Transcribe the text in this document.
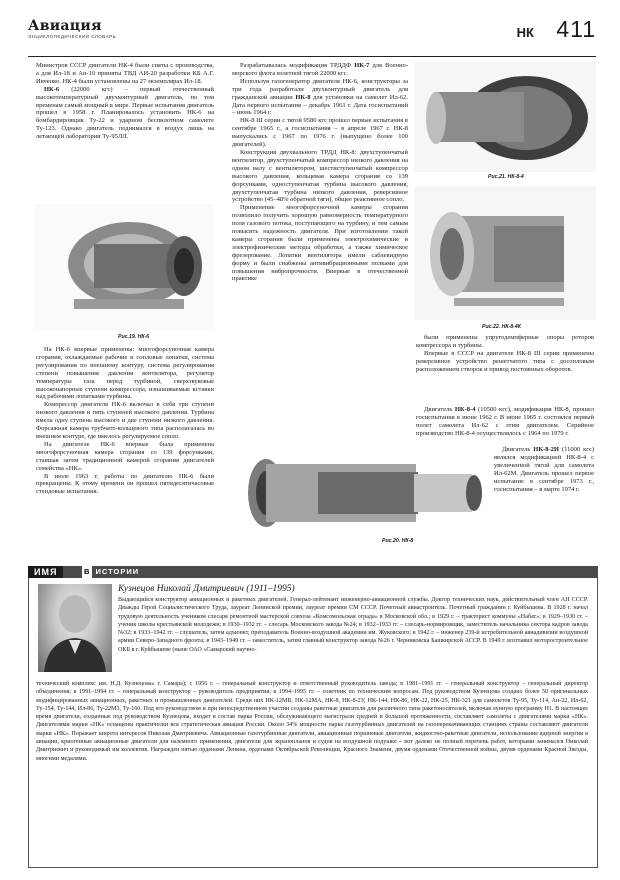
Авиация
ЭНЦИКЛОПЕДИЧЕСКИЙ СЛОВАРЬ	НК 411

Министров СССР двигатели НК-4 были сняты с производства, а для Ил-18 и Ан-10 приняты ТВД АИ-20 разработки КБ А.Г. Ивченко. НК-4 были установлены на 27 экземплярах Ил-18.

НК-6 (22000 кгс) – первый отечественный высокотемпературный двухконтурный двигатель, по тем временам самый мощный в мире. Первые испытания двигатель прошел в 1958 г. Планировалось установить НК-6 на бомбардировщик Ту-22 и ударном беспилотном самолете Ту-123. Однако двигатель поднимался в воздух лишь на летающей лаборатории Ту-95ЛЛ.

Рис.19. НК-6

На НК-6 впервые применены: многофорсуночная камера сгорания, охлаждаемые рабочие и сопловые лопатки, система регулирования по внешнему контуру, система регулирования степени повышения давления вентилятора, регулятор температуры газа перед турбиной, сверхзвуковые высоконапорные ступени компрессора, изнашиваемые вставки над рабочими лопатками турбины.

Компрессор двигателя НК-6 включал в себя три ступени низкого давления и пять ступеней высокого давления. Турбина имела одну ступень высокого и две ступени низкого давления. Форсажная камера трубчато-кольцевого типа располагалась во внешнем контуре, где имелось регулируемое сопло.

На двигателе НК-6 впервые была применена многофорсуночная камера сгорания со 139 форсунками, ставшая затем традиционной камерой сгорания двигателей семейства «НК».

В июле 1963 г. работы по двигателю НК-6 были прекращены. К этому времени он прошел пятидесятичасовые стендовые испытания.

Разрабатывалась модификация ТРДДФ НК-7 для Военно-морского флота взлетной тягой 22000 кгс.

Используя газогенератор двигателя НК-6, конструкторы за три года разработали двухконтурный двигатель для гражданской авиации НК-8 для установки на самолет Ил-62. Дата первого испытания – декабрь 1961 г. Дата госиспытаний – июнь 1964 г.

НК-8 III серии с тягой 9580 кгс прошел первые испытания в сентябре 1965 г., а госиспытания – в апреле 1967 г. НК-8 выпускались с 1967 по 1976 г. (выпущено более 100 двигателей).

Конструкция двухвального ТРДД НК-8: двухступенчатый вентилятор, двухступенчатый компрессор низкого давления на одном валу с вентилятором, шестиступенчатый компрессор высокого давления, кольцевая камера сгорания со 139 форсунками, одноступенчатая турбина высокого давления, двухступенчатая турбина низкого давления, реверсивное устройство (45–48% обратной тяги), общее реактивное сопло.

Применение многофорсуночной камеры сгорания позволило получить хорошую равномерность температурного поля газового потока, поступающего на турбину, и тем самым повысить надежность двигателя. При изготовлении такой камеры сгорания были применены электрохимические и электрофизические методы обработки, а также химическое фрезерование. Лопатки вентилятора имели саблевидную форму и были снабжены антивибрационными полками для повышения вибропрочности. Впервые в отечественной практике

Рис.21. НК-8-4
Рис.22. НК-8-4К

были применены упругодемпферные опоры роторов компрессора и турбины.

Впервые в СССР на двигателе НК-8 III серии применены реверсивное устройство решетчатого типа с досопловым расположением створок и привод постоянных оборотов.

Двигатель НК-8-4 (10500 кгс), модификация НК-8, прошел госиспытания в июне 1962 г. В июне 1965 г. состоялся первый полет самолета Ил-62 с этим двигателем. Серийное производство НК-8-4 осуществлялось с 1964 по 1979 г.

Двигатель НК-8-2И (11000 кгс) являлся модификацией НК-8-4 с увеличенной тягой для самолета Ил-62М. Двигатель прошел первое испытание в сентябре 1973 г., госиспытания – в марте 1974 г.

Рис.20. НК-8
ИМЯ	В ИСТОРИИ
Кузнецов Николай Дмитриевич (1911–1995)
Выдающийся конструктор авиационных и ракетных двигателей. Генерал-лейтенант инженерно-авиационной службы. Доктор технических наук, действительный член АН СССР. Дважды Герой Социалистического Труда, лауреат Ленинской премии, лауреат премии СМ СССР. Почетный авиастроитель. Почетный гражданин г. Куйбышева. В 1928 г. начал трудовую деятельность учеником слесаря ремонтной мастерской совхоза «Комсомольская ограда» в Московской обл.; в 1929 г. – тракторист коммуны «Набат»; в 1929–1930 гг. – ученик школы крестьянской молодежи; в 1930–1932 гг. – слесарь Московского завода №24; в 1932–1933 гг. – слесарь-нормировщик, заместитель начальника сектора кадров завода №32; в 1933–1942 гг. – слушатель, затем адъюнкт, преподаватель Военно-воздушной академии им. Жуковского; в 1942 г. – инженер 239-й истребительной авиадивизии воздушной армии Северо-Западного фронта; в 1943–1949 гг. – заместитель, затем главный конструктор завода №26 г. Черниковска Башкирской АССР. В 1949 г. возглавил моторостроительное ОКБ в г. Куйбышеве (ныне ОАО «Самарский научно-
технический комплекс им. Н.Д. Кузнецова» г. Самара); с 1956 г. – генеральный конструктор и ответственный руководитель завода; в 1981–1991 гг. – генеральный конструктор – генеральный директор объединения; в 1991–1994 гг. – генеральный конструктор – руководитель предприятия; в 1994–1995 гг. – советник по техническим вопросам. Под руководством Кузнецова создано более 50 оригинальных модифицированных авиационных, ракетных и промышленных двигателей. Среди них НК-12МВ, НК-12МА, НК-8, НК-8-2У, НК-144, НК-86, НК-22, НК-25, НК-321 для самолетов Ту-95, Ту-114, Ан-22, Ил-62, Ту-154, Ту-144, Ил-86, Ту-22М3, Ту-160. Под его руководством и при непосредственном участии созданы ракетные двигатели для различного типа ракетоносителей, включая лунную программу Н1. В настоящее время двигатели, созданные под руководством Кузнецова, входят в состав парка России, обслуживающего магистрали средней и большой протяженности, составляют самолеты с двигателями марки «НК». Двигателями марки «НК» оснащены практически вся стратегическая авиация России. Около 34% мощности парка газотурбинных двигателей на газоперекачивающих станциях страны составляют двигатели марки «НК». Поражает широта интересов Николая Дмитриевича. Авиационные газотурбинные двигатели, авиационные поршневые двигатели, жидкостно-ракетные двигатели, использование ядерной энергии в авиации, криогенные авиационные двигатели для наземного применения, двигатели для экранопланов и судов на воздушной подушке – вот далеко не полный перечень работ, которыми занимался Николай Дмитриевич и руководимый им коллектив. Награжден пятью орденами Ленина, орденами Октябрьской Революции, Красного Знамени, двумя орденами Отечественной войны, двумя орденами Красной Звезды, многими медалями.
